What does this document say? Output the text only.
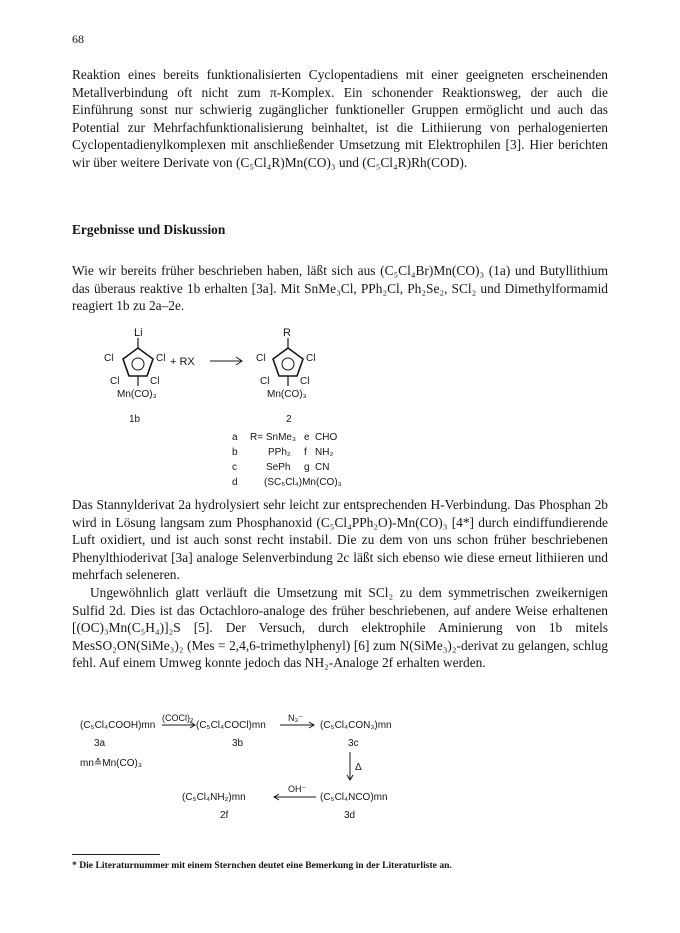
68

Reaktion eines bereits funktionalisierten Cyclopentadiens mit einer geeigneten erscheinenden Metallverbindung oft nicht zum π-Komplex. Ein schonender Reaktionsweg, der auch die Einführung sonst nur schwierig zugänglicher funktioneller Gruppen ermöglicht und auch das Potential zur Mehrfachfunktionalisierung beinhaltet, ist die Lithiierung von perhalogenierten Cyclopentadienylkomplexen mit anschließender Umsetzung mit Elektrophilen [3]. Hier berichten wir über weitere Derivate von (C₅Cl₄R)Mn(CO)₃ und (C₅Cl₄R)Rh(COD).

Ergebnisse und Diskussion

Wie wir bereits früher beschrieben haben, läßt sich aus (C₅Cl₄Br)Mn(CO)₃ (1a) und Butyllithium das überaus reaktive 1b erhalten [3a]. Mit SnMe₃Cl, PPh₂Cl, Ph₂Se₂, SCl₂ und Dimethylformamid reagiert 1b zu 2a–2e.

Li
Cl	Cl
Cl	Cl
Mn(CO)₃
1b
+ RX
R
Cl	Cl
Cl	Cl
Mn(CO)₃
2
a R= SnMe₃ e CHO
b	PPh₂ f NH₂
c	SePh g CN
d	(SC₅Cl₄)Mn(CO)₃

Das Stannylderivat 2a hydrolysiert sehr leicht zur entsprechenden H-Verbindung. Das Phosphan 2b wird in Lösung langsam zum Phosphanoxid (C₅Cl₄PPh₂O)-Mn(CO)₃ [4*] durch eindiffundierende Luft oxidiert, und ist auch sonst recht instabil. Die zu dem von uns schon früher beschriebenen Phenylthioderivat [3a] analoge Selenverbindung 2c läßt sich ebenso wie diese erneut lithiieren und mehrfach seleneren.

Ungewöhnlich glatt verläuft die Umsetzung mit SCl₂ zu dem symmetrischen zweikernigen Sulfid 2d. Dies ist das Octachloro-analoge des früher beschriebenen, auf andere Weise erhaltenen [(OC)₃Mn(C₅H₄)]₂S [5]. Der Versuch, durch elektrophile Aminierung von 1b mitels MesSO₂ON(SiMe₃)₂ (Mes = 2,4,6-trimethylphenyl) [6] zum N(SiMe₃)₂-derivat zu gelangen, schlug fehl. Auf einem Umweg konnte jedoch das NH₂-Analoge 2f erhalten werden.

(C₅Cl₄COOH)mn
(COCl)₂
(C₅Cl₄COCl)mn
N₃⁻
(C₅Cl₄CON₃)mn
3a	3b	3c
mn≙Mn(CO)₃	Δ
(C₅Cl₄NH₂)mn
OH⁻
(C₅Cl₄NCO)mn
2f	3d

* Die Literaturnummer mit einem Sternchen deutet eine Bemerkung in der Literaturliste an.
